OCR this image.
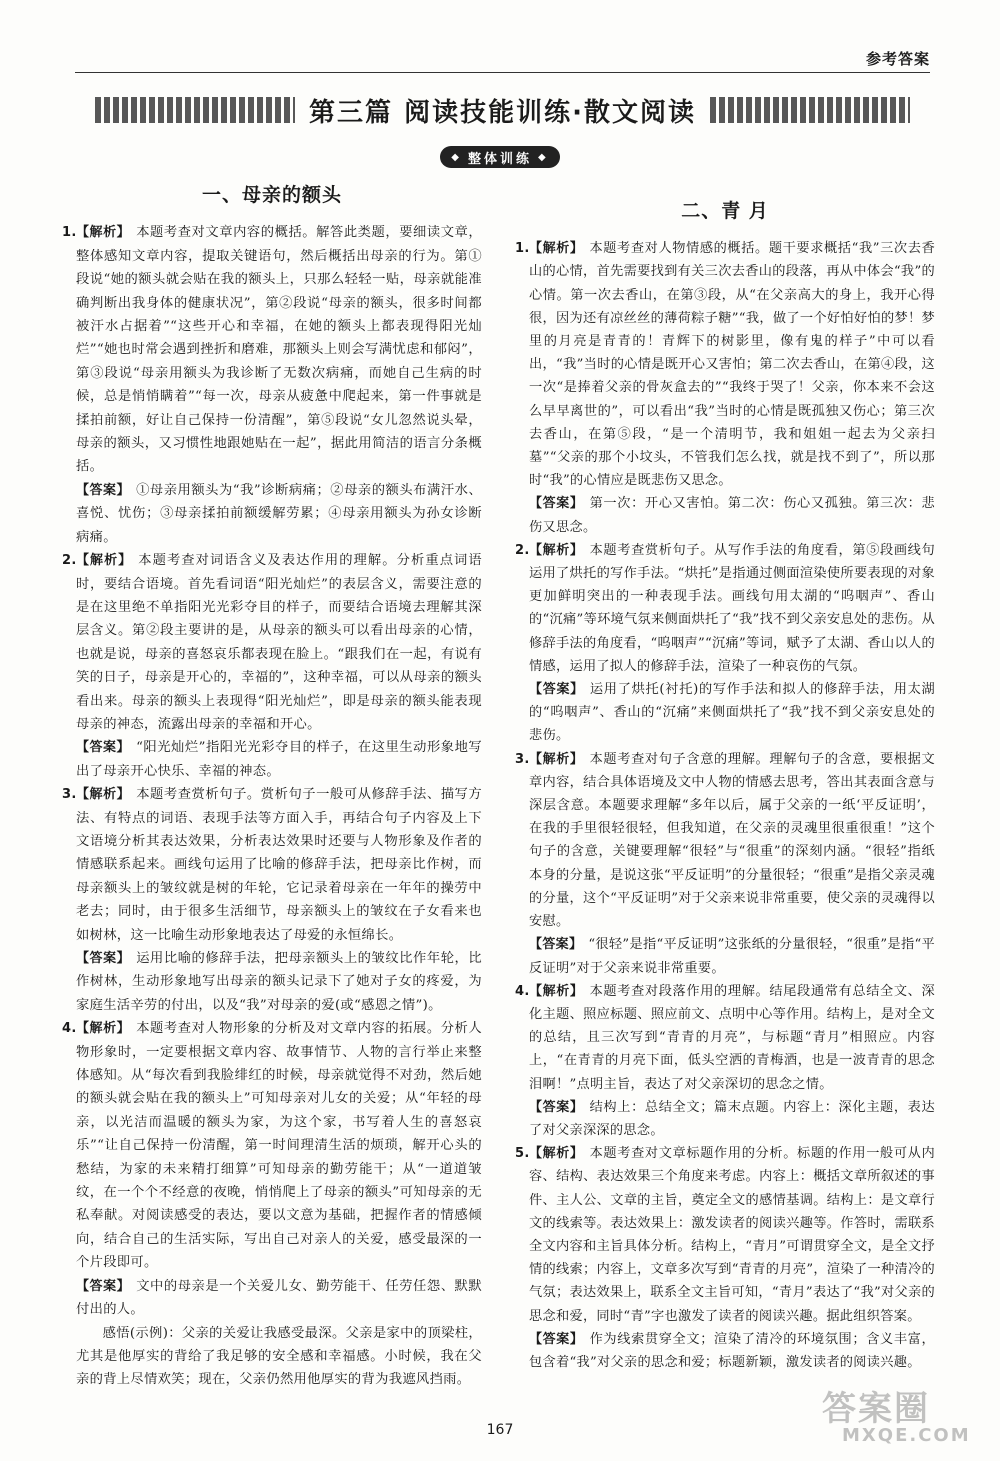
参考答案
第三篇 阅读技能训练·散文阅读
◆ 整体训练 ◆
一、母亲的额头
1. 【解析】 本题考查对文章内容的概括。解答此类题，要细读文章，整体感知文章内容，提取关键语句，然后概括出母亲的行为。第①段说“她的额头就会贴在我的额头上，只那么轻轻一贴，母亲就能准确判断出我身体的健康状况”，第②段说“母亲的额头，很多时间都被汗水占据着”“这些开心和幸福，在她的额头上都表现得阳光灿烂”“她也时常会遇到挫折和磨难，那额头上则会写满忧虑和郁闷”，第③段说“母亲用额头为我诊断了无数次病痛，而她自己生病的时候，总是悄悄瞒着”“每一次，母亲从疲惫中爬起来，第一件事就是揉拍前额，好让自己保持一份清醒”，第⑤段说“女儿忽然说头晕，母亲的额头，又习惯性地跟她贴在一起”，据此用简洁的语言分条概括。
【答案】 ①母亲用额头为“我”诊断病痛；②母亲的额头布满汗水、喜悦、忧伤；③母亲揉拍前额缓解劳累；④母亲用额头为孙女诊断病痛。
2. 【解析】 本题考查对词语含义及表达作用的理解。分析重点词语时，要结合语境。首先看词语“阳光灿烂”的表层含义，需要注意的是在这里绝不单指阳光光彩夺目的样子，而要结合语境去理解其深层含义。第②段主要讲的是，从母亲的额头可以看出母亲的心情，也就是说，母亲的喜怒哀乐都表现在脸上。“跟我们在一起，有说有笑的日子，母亲是开心的，幸福的”，这种幸福，可以从母亲的额头看出来。母亲的额头上表现得“阳光灿烂”，即是母亲的额头能表现母亲的神态，流露出母亲的幸福和开心。
【答案】 “阳光灿烂”指阳光光彩夺目的样子，在这里生动形象地写出了母亲开心快乐、幸福的神态。
3. 【解析】 本题考查赏析句子。赏析句子一般可从修辞手法、描写方法、有特点的词语、表现手法等方面入手，再结合句子内容及上下文语境分析其表达效果，分析表达效果时还要与人物形象及作者的情感联系起来。画线句运用了比喻的修辞手法，把母亲比作树，而母亲额头上的皱纹就是树的年轮，它记录着母亲在一年年的操劳中老去；同时，由于很多生活细节，母亲额头上的皱纹在子女看来也如树林，这一比喻生动形象地表达了母爱的永恒绵长。
【答案】 运用比喻的修辞手法，把母亲额头上的皱纹比作年轮，比作树林，生动形象地写出母亲的额头记录下了她对子女的疼爱，为家庭生活辛劳的付出，以及“我”对母亲的爱(或“感恩之情”)。
4. 【解析】 本题考查对人物形象的分析及对文章内容的拓展。分析人物形象时，一定要根据文章内容、故事情节、人物的言行举止来整体感知。从“每次看到我脸绯红的时候，母亲就觉得不对劲，然后她的额头就会贴在我的额头上”可知母亲对儿女的关爱；从“年轻的母亲，以光洁而温暖的额头为家，为这个家，书写着人生的喜怒哀乐”“让自己保持一份清醒，第一时间理清生活的烦琐，解开心头的愁结，为家的未来精打细算”可知母亲的勤劳能干；从“一道道皱纹，在一个个不经意的夜晚，悄悄爬上了母亲的额头”可知母亲的无私奉献。对阅读感受的表达，要以文意为基础，把握作者的情感倾向，结合自己的生活实际，写出自己对亲人的关爱，感受最深的一个片段即可。
【答案】 文中的母亲是一个关爱儿女、勤劳能干、任劳任怨、默默付出的人。
感悟(示例)：父亲的关爱让我感受最深。父亲是家中的顶梁柱，尤其是他厚实的背给了我足够的安全感和幸福感。小时候，我在父亲的背上尽情欢笑；现在，父亲仍然用他厚实的背为我遮风挡雨。
二、青 月
1. 【解析】 本题考查对人物情感的概括。题干要求概括“我”三次去香山的心情，首先需要找到有关三次去香山的段落，再从中体会“我”的心情。第一次去香山，在第③段，从“在父亲高大的身上，我开心得很，因为还有凉丝丝的薄荷粽子糖”“我，做了一个好怕好怕的梦！梦里的月亮是青青的！青辉下的树影里，像有鬼的样子”中可以看出，“我”当时的心情是既开心又害怕；第二次去香山，在第④段，这一次“是捧着父亲的骨灰盒去的”“我终于哭了！父亲，你本来不会这么早早离世的”，可以看出“我”当时的心情是既孤独又伤心；第三次去香山，在第⑤段，“是一个清明节，我和姐姐一起去为父亲扫墓”“父亲的那个小坟头，不管我们怎么找，就是找不到了”，所以那时“我”的心情应是既悲伤又思念。
【答案】 第一次：开心又害怕。第二次：伤心又孤独。第三次：悲伤又思念。
2. 【解析】 本题考查赏析句子。从写作手法的角度看，第⑤段画线句运用了烘托的写作手法。“烘托”是指通过侧面渲染使所要表现的对象更加鲜明突出的一种表现手法。画线句用太湖的“呜咽声”、香山的“沉痛”等环境气氛来侧面烘托了“我”找不到父亲安息处的悲伤。从修辞手法的角度看，“呜咽声”“沉痛”等词，赋予了太湖、香山以人的情感，运用了拟人的修辞手法，渲染了一种哀伤的气氛。
【答案】 运用了烘托(衬托)的写作手法和拟人的修辞手法，用太湖的“呜咽声”、香山的“沉痛”来侧面烘托了“我”找不到父亲安息处的悲伤。
3. 【解析】 本题考查对句子含意的理解。理解句子的含意，要根据文章内容，结合具体语境及文中人物的情感去思考，答出其表面含意与深层含意。本题要求理解“多年以后，属于父亲的一纸‘平反证明’，在我的手里很轻很轻，但我知道，在父亲的灵魂里很重很重！”这个句子的含意，关键要理解“很轻”与“很重”的深刻内涵。“很轻”指纸本身的分量，是说这张“平反证明”的分量很轻；“很重”是指父亲灵魂的分量，这个“平反证明”对于父亲来说非常重要，使父亲的灵魂得以安慰。
【答案】 “很轻”是指“平反证明”这张纸的分量很轻，“很重”是指“平反证明”对于父亲来说非常重要。
4. 【解析】 本题考查对段落作用的理解。结尾段通常有总结全文、深化主题、照应标题、照应前文、点明中心等作用。结构上，是对全文的总结，且三次写到“青青的月亮”，与标题“青月”相照应。内容上，“在青青的月亮下面，低头空洒的青梅酒，也是一波青青的思念泪啊！”点明主旨，表达了对父亲深切的思念之情。
【答案】 结构上：总结全文；篇末点题。内容上：深化主题，表达了对父亲深深的思念。
5. 【解析】 本题考查对文章标题作用的分析。标题的作用一般可从内容、结构、表达效果三个角度来考虑。内容上：概括文章所叙述的事件、主人公、文章的主旨，奠定全文的感情基调。结构上：是文章行文的线索等。表达效果上：激发读者的阅读兴趣等。作答时，需联系全文内容和主旨具体分析。结构上，“青月”可谓贯穿全文，是全文抒情的线索；内容上，文章多次写到“青青的月亮”，渲染了一种清冷的气氛；表达效果上，联系全文主旨可知，“青月”表达了“我”对父亲的思念和爱，同时“青”字也激发了读者的阅读兴趣。据此组织答案。
【答案】 作为线索贯穿全文；渲染了清冷的环境氛围；含义丰富，包含着“我”对父亲的思念和爱；标题新颖，激发读者的阅读兴趣。
167
答案圈
MXQE.COM
